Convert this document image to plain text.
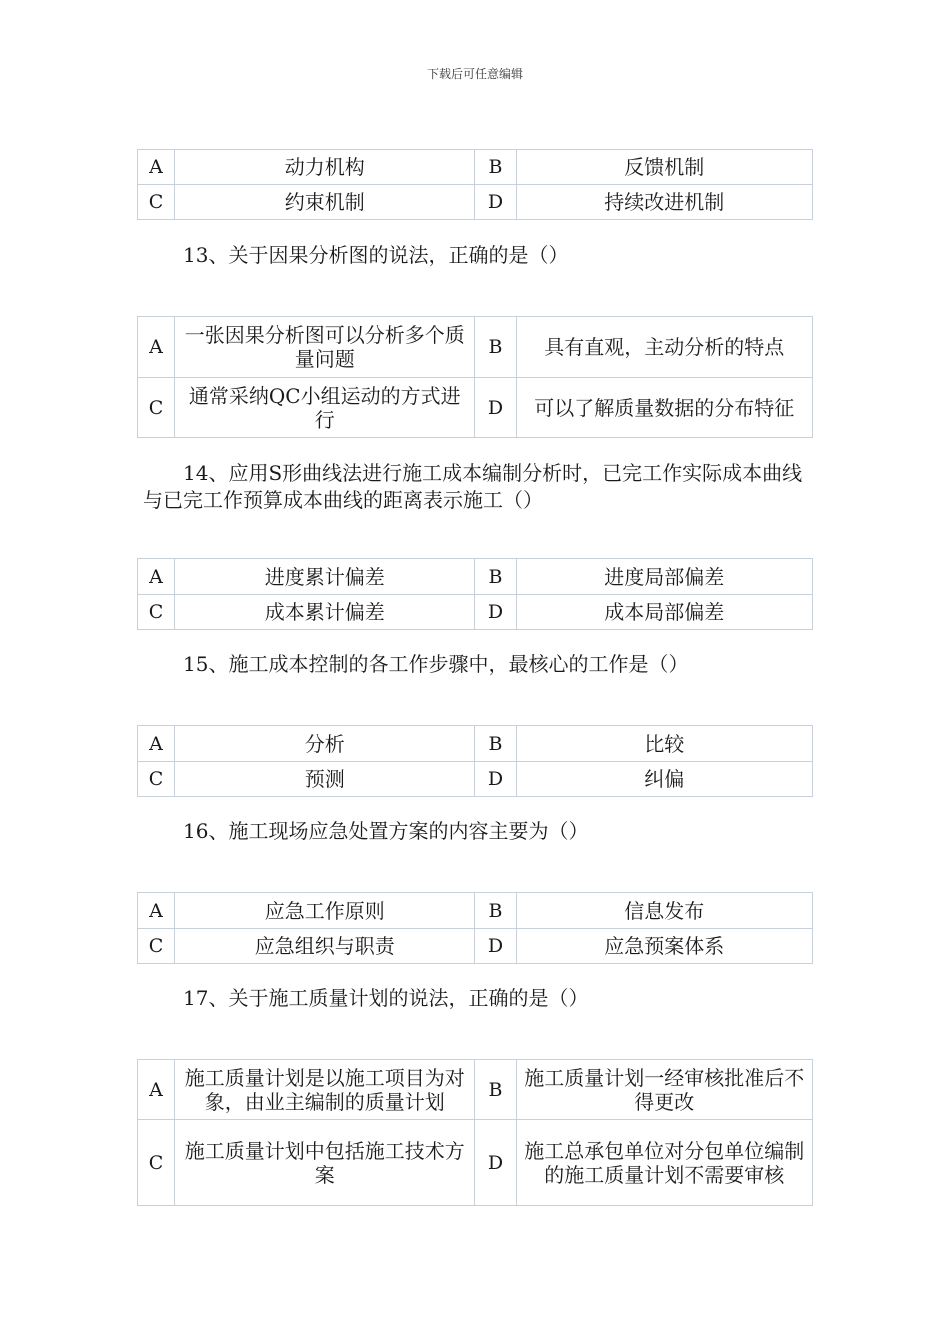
下载后可任意编辑
A	动力机构	B	反馈机制
C	约束机制	D	持续改进机制
13、关于因果分析图的说法，正确的是（）
A	一张因果分析图可以分析多个质量问题	B	具有直观，主动分析的特点
C	通常采纳QC小组运动的方式进行	D	可以了解质量数据的分布特征
14、应用S形曲线法进行施工成本编制分析时，已完工作实际成本曲线与已完工作预算成本曲线的距离表示施工（）
A	进度累计偏差	B	进度局部偏差
C	成本累计偏差	D	成本局部偏差
15、施工成本控制的各工作步骤中，最核心的工作是（）
A	分析	B	比较
C	预测	D	纠偏
16、施工现场应急处置方案的内容主要为（）
A	应急工作原则	B	信息发布
C	应急组织与职责	D	应急预案体系
17、关于施工质量计划的说法，正确的是（）
A	施工质量计划是以施工项目为对象，由业主编制的质量计划	B	施工质量计划一经审核批准后不得更改
C	施工质量计划中包括施工技术方案	D	施工总承包单位对分包单位编制的施工质量计划不需要审核
